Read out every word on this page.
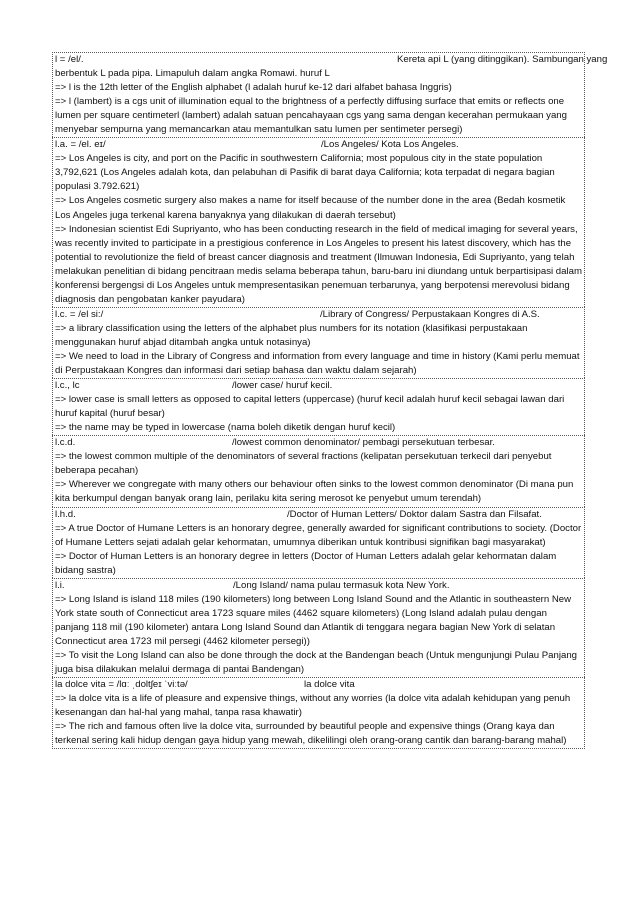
l = /el/.	Kereta api L (yang ditinggikan). Sambungan yang
berbentuk L pada pipa. Limapuluh dalam angka Romawi. huruf L
=> l is the 12th letter of the English alphabet (l adalah huruf ke-12 dari alfabet bahasa Inggris)
=> l (lambert) is a cgs unit of illumination equal to the brightness of a perfectly diffusing surface that emits or reflects one lumen per square centimeterl (lambert) adalah satuan pencahayaan cgs yang sama dengan kecerahan permukaan yang menyebar sempurna yang memancarkan atau memantulkan satu lumen per sentimeter persegi)
l.a. = /el. eɪ/	/Los Angeles/ Kota Los Angeles.
=> Los Angeles is city, and port on the Pacific in southwestern California; most populous city in the state population 3,792,621 (Los Angeles adalah kota, dan pelabuhan di Pasifik di barat daya California; kota terpadat di negara bagian populasi 3.792.621)
=> Los Angeles cosmetic surgery also makes a name for itself because of the number done in the area (Bedah kosmetik Los Angeles juga terkenal karena banyaknya yang dilakukan di daerah tersebut)
=> Indonesian scientist Edi Supriyanto, who has been conducting research in the field of medical imaging for several years, was recently invited to participate in a prestigious conference in Los Angeles to present his latest discovery, which has the potential to revolutionize the field of breast cancer diagnosis and treatment (Ilmuwan Indonesia, Edi Supriyanto, yang telah melakukan penelitian di bidang pencitraan medis selama beberapa tahun, baru-baru ini diundang untuk berpartisipasi dalam konferensi bergengsi di Los Angeles untuk mempresentasikan penemuan terbarunya, yang berpotensi merevolusi bidang diagnosis dan pengobatan kanker payudara)
l.c. = /el si:/	/Library of Congress/ Perpustakaan Kongres di A.S.
=> a library classification using the letters of the alphabet plus numbers for its notation (klasifikasi perpustakaan menggunakan huruf abjad ditambah angka untuk notasinya)
=> We need to load in the Library of Congress and information from every language and time in history (Kami perlu memuat di Perpustakaan Kongres dan informasi dari setiap bahasa dan waktu dalam sejarah)
l.c., lc	/lower case/ huruf kecil.
=> lower case is small letters as opposed to capital letters (uppercase) (huruf kecil adalah huruf kecil sebagai lawan dari huruf kapital (huruf besar)
=> the name may be typed in lowercase (nama boleh diketik dengan huruf kecil)
l.c.d.	/lowest common denominator/ pembagi persekutuan terbesar.
=> the lowest common multiple of the denominators of several fractions (kelipatan persekutuan terkecil dari penyebut beberapa pecahan)
=> Wherever we congregate with many others our behaviour often sinks to the lowest common denominator (Di mana pun kita berkumpul dengan banyak orang lain, perilaku kita sering merosot ke penyebut umum terendah)
l.h.d.	/Doctor of Human Letters/ Doktor dalam Sastra dan Filsafat.
=> A true Doctor of Humane Letters is an honorary degree, generally awarded for significant contributions to society. (Doctor of Humane Letters sejati adalah gelar kehormatan, umumnya diberikan untuk kontribusi signifikan bagi masyarakat)
=> Doctor of Human Letters is an honorary degree in letters (Doctor of Human Letters adalah gelar kehormatan dalam bidang sastra)
l.i.	/Long Island/ nama pulau termasuk kota New York.
=> Long Island is island 118 miles (190 kilometers) long between Long Island Sound and the Atlantic in southeastern New York state south of Connecticut area 1723 square miles (4462 square kilometers) (Long Island adalah pulau dengan panjang 118 mil (190 kilometer) antara Long Island Sound dan Atlantik di tenggara negara bagian New York di selatan Connecticut area 1723 mil persegi (4462 kilometer persegi))
=> To visit the Long Island can also be done through the dock at the Bandengan beach (Untuk mengunjungi Pulau Panjang juga bisa dilakukan melalui dermaga di pantai Bandengan)
la dolce vita = /lɑː ˌdoltʃeɪ ˈviːtə/	la dolce vita
=> la dolce vita is a life of pleasure and expensive things, without any worries (la dolce vita adalah kehidupan yang penuh kesenangan dan hal-hal yang mahal, tanpa rasa khawatir)
=> The rich and famous often live la dolce vita, surrounded by beautiful people and expensive things (Orang kaya dan terkenal sering kali hidup dengan gaya hidup yang mewah, dikelilingi oleh orang-orang cantik dan barang-barang mahal)
